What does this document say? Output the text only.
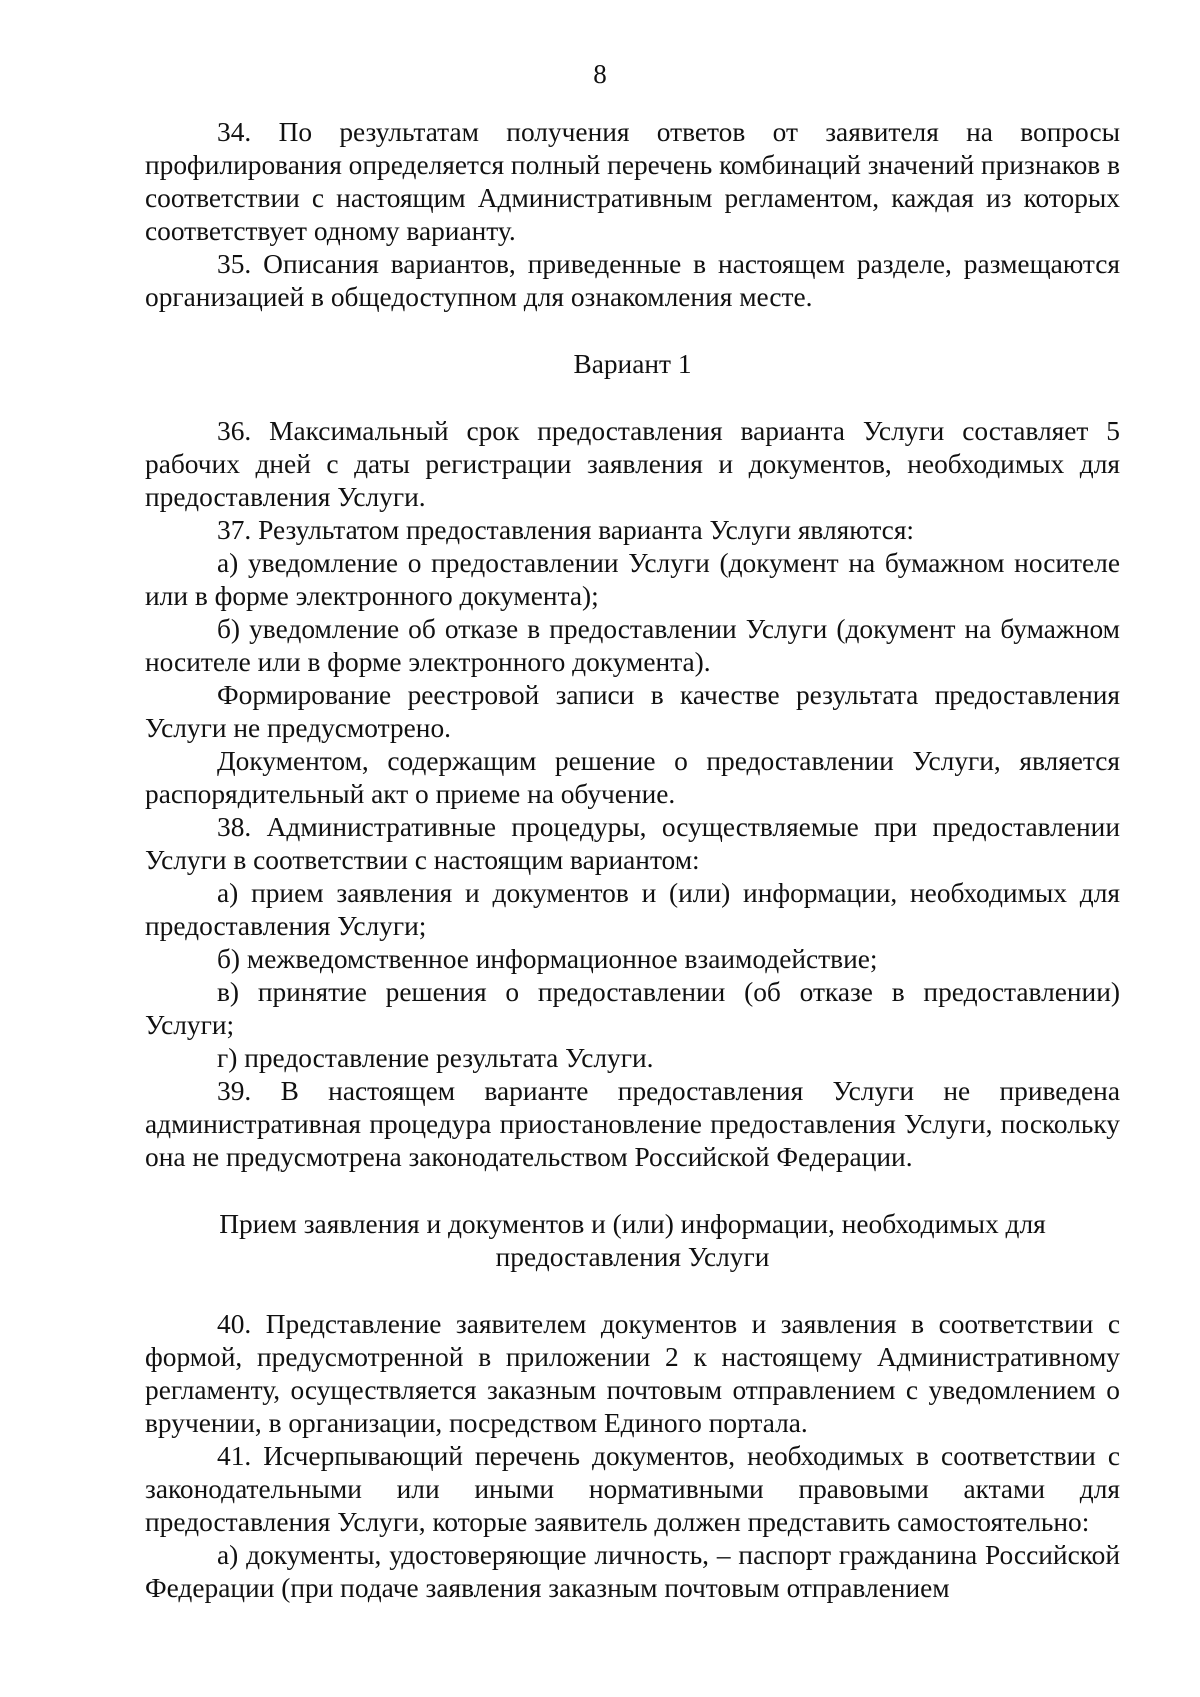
8

34. По результатам получения ответов от заявителя на вопросы профилирования определяется полный перечень комбинаций значений признаков в соответствии с настоящим Административным регламентом, каждая из которых соответствует одному варианту.

35. Описания вариантов, приведенные в настоящем разделе, размещаются организацией в общедоступном для ознакомления месте.

Вариант 1

36. Максимальный срок предоставления варианта Услуги составляет 5 рабочих дней с даты регистрации заявления и документов, необходимых для предоставления Услуги.

37. Результатом предоставления варианта Услуги являются:

а) уведомление о предоставлении Услуги (документ на бумажном носителе или в форме электронного документа);

б) уведомление об отказе в предоставлении Услуги (документ на бумажном носителе или в форме электронного документа).

Формирование реестровой записи в качестве результата предоставления Услуги не предусмотрено.

Документом, содержащим решение о предоставлении Услуги, является распорядительный акт о приеме на обучение.

38. Административные процедуры, осуществляемые при предоставлении Услуги в соответствии с настоящим вариантом:

а) прием заявления и документов и (или) информации, необходимых для предоставления Услуги;

б) межведомственное информационное взаимодействие;

в) принятие решения о предоставлении (об отказе в предоставлении) Услуги;

г) предоставление результата Услуги.

39. В настоящем варианте предоставления Услуги не приведена административная процедура приостановление предоставления Услуги, поскольку она не предусмотрена законодательством Российской Федерации.

Прием заявления и документов и (или) информации, необходимых для предоставления Услуги

40. Представление заявителем документов и заявления в соответствии с формой, предусмотренной в приложении 2 к настоящему Административному регламенту, осуществляется заказным почтовым отправлением с уведомлением о вручении, в организации, посредством Единого портала.

41. Исчерпывающий перечень документов, необходимых в соответствии с законодательными или иными нормативными правовыми актами для предоставления Услуги, которые заявитель должен представить самостоятельно:

а) документы, удостоверяющие личность, – паспорт гражданина Российской Федерации (при подаче заявления заказным почтовым отправлением
